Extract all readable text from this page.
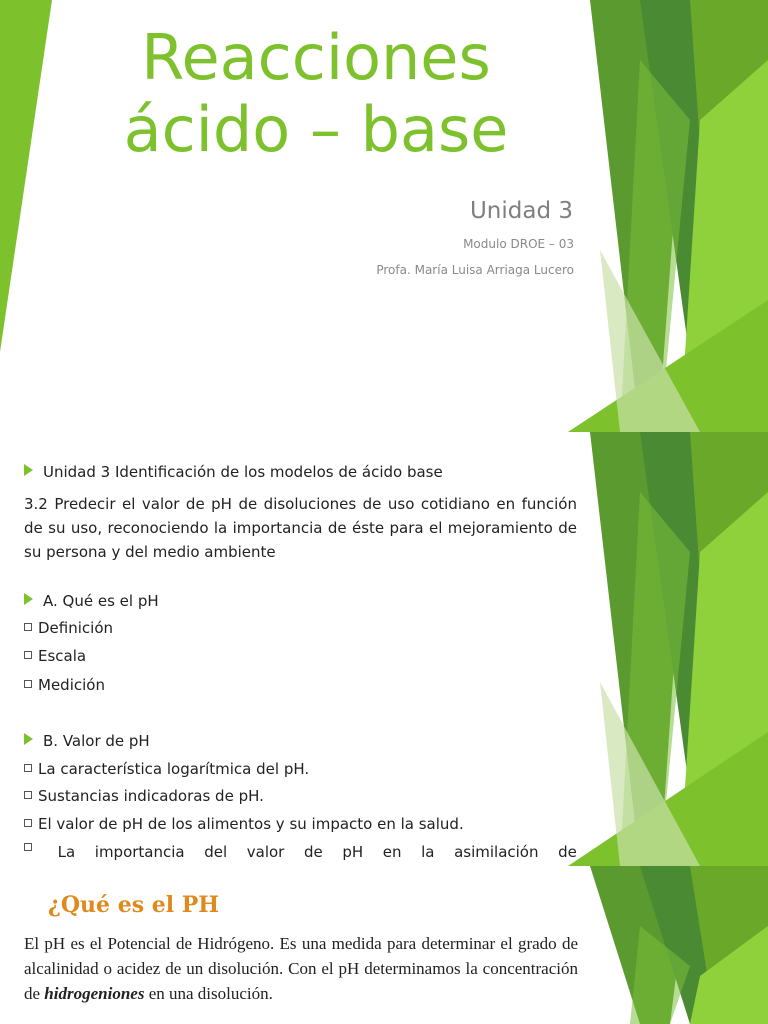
Reacciones
ácido – base
Unidad 3
Modulo DROE – 03
Profa. María Luisa Arriaga Lucero
Unidad 3 Identificación de los modelos de ácido base
3.2 Predecir el valor de pH de disoluciones de uso cotidiano en función de su uso, reconociendo la importancia de éste para el mejoramiento de su persona y del medio ambiente
A. Qué es el pH
Definición
Escala
Medición
B. Valor de pH
La característica logarítmica del pH.
Sustancias indicadoras de pH.
El valor de pH de los alimentos y su impacto en la salud.
La importancia del valor de pH en la asimilación de
¿Qué es el PH
El pH es el Potencial de Hidrógeno. Es una medida para determinar el grado de alcalinidad o acidez de un disolución. Con el pH determinamos la concentración de hidrogeniones en una disolución.
